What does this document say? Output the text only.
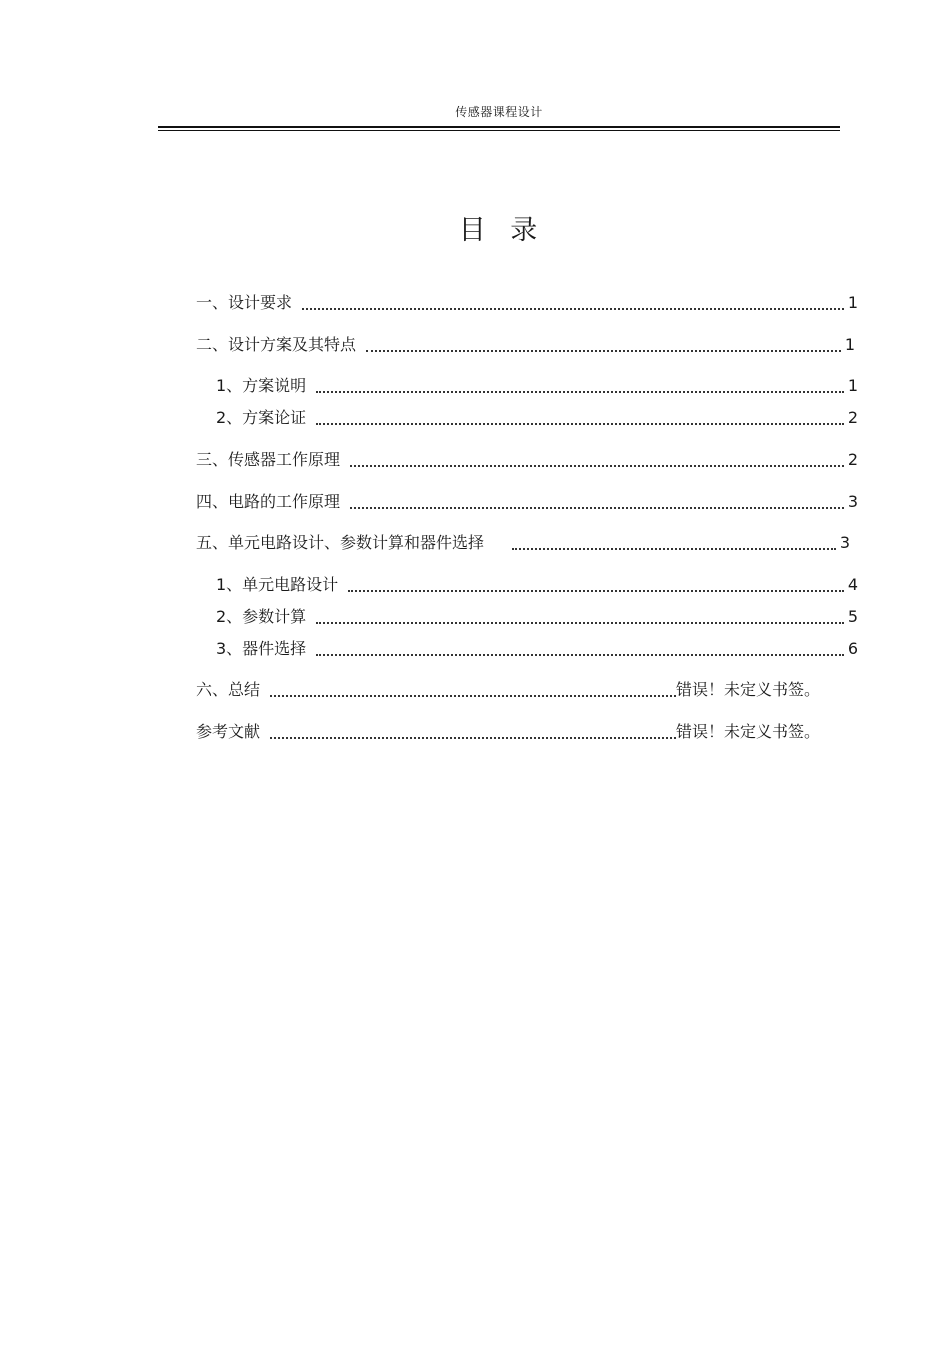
传感器课程设计
目 录
一、设计要求	1
二、设计方案及其特点	1
1、方案说明	1
2、方案论证	2
三、传感器工作原理	2
四、电路的工作原理	3
五、单元电路设计、参数计算和器件选择	3
1、单元电路设计	4
2、参数计算	5
3、器件选择	6
六、总结	错误！未定义书签。
参考文献	错误！未定义书签。
